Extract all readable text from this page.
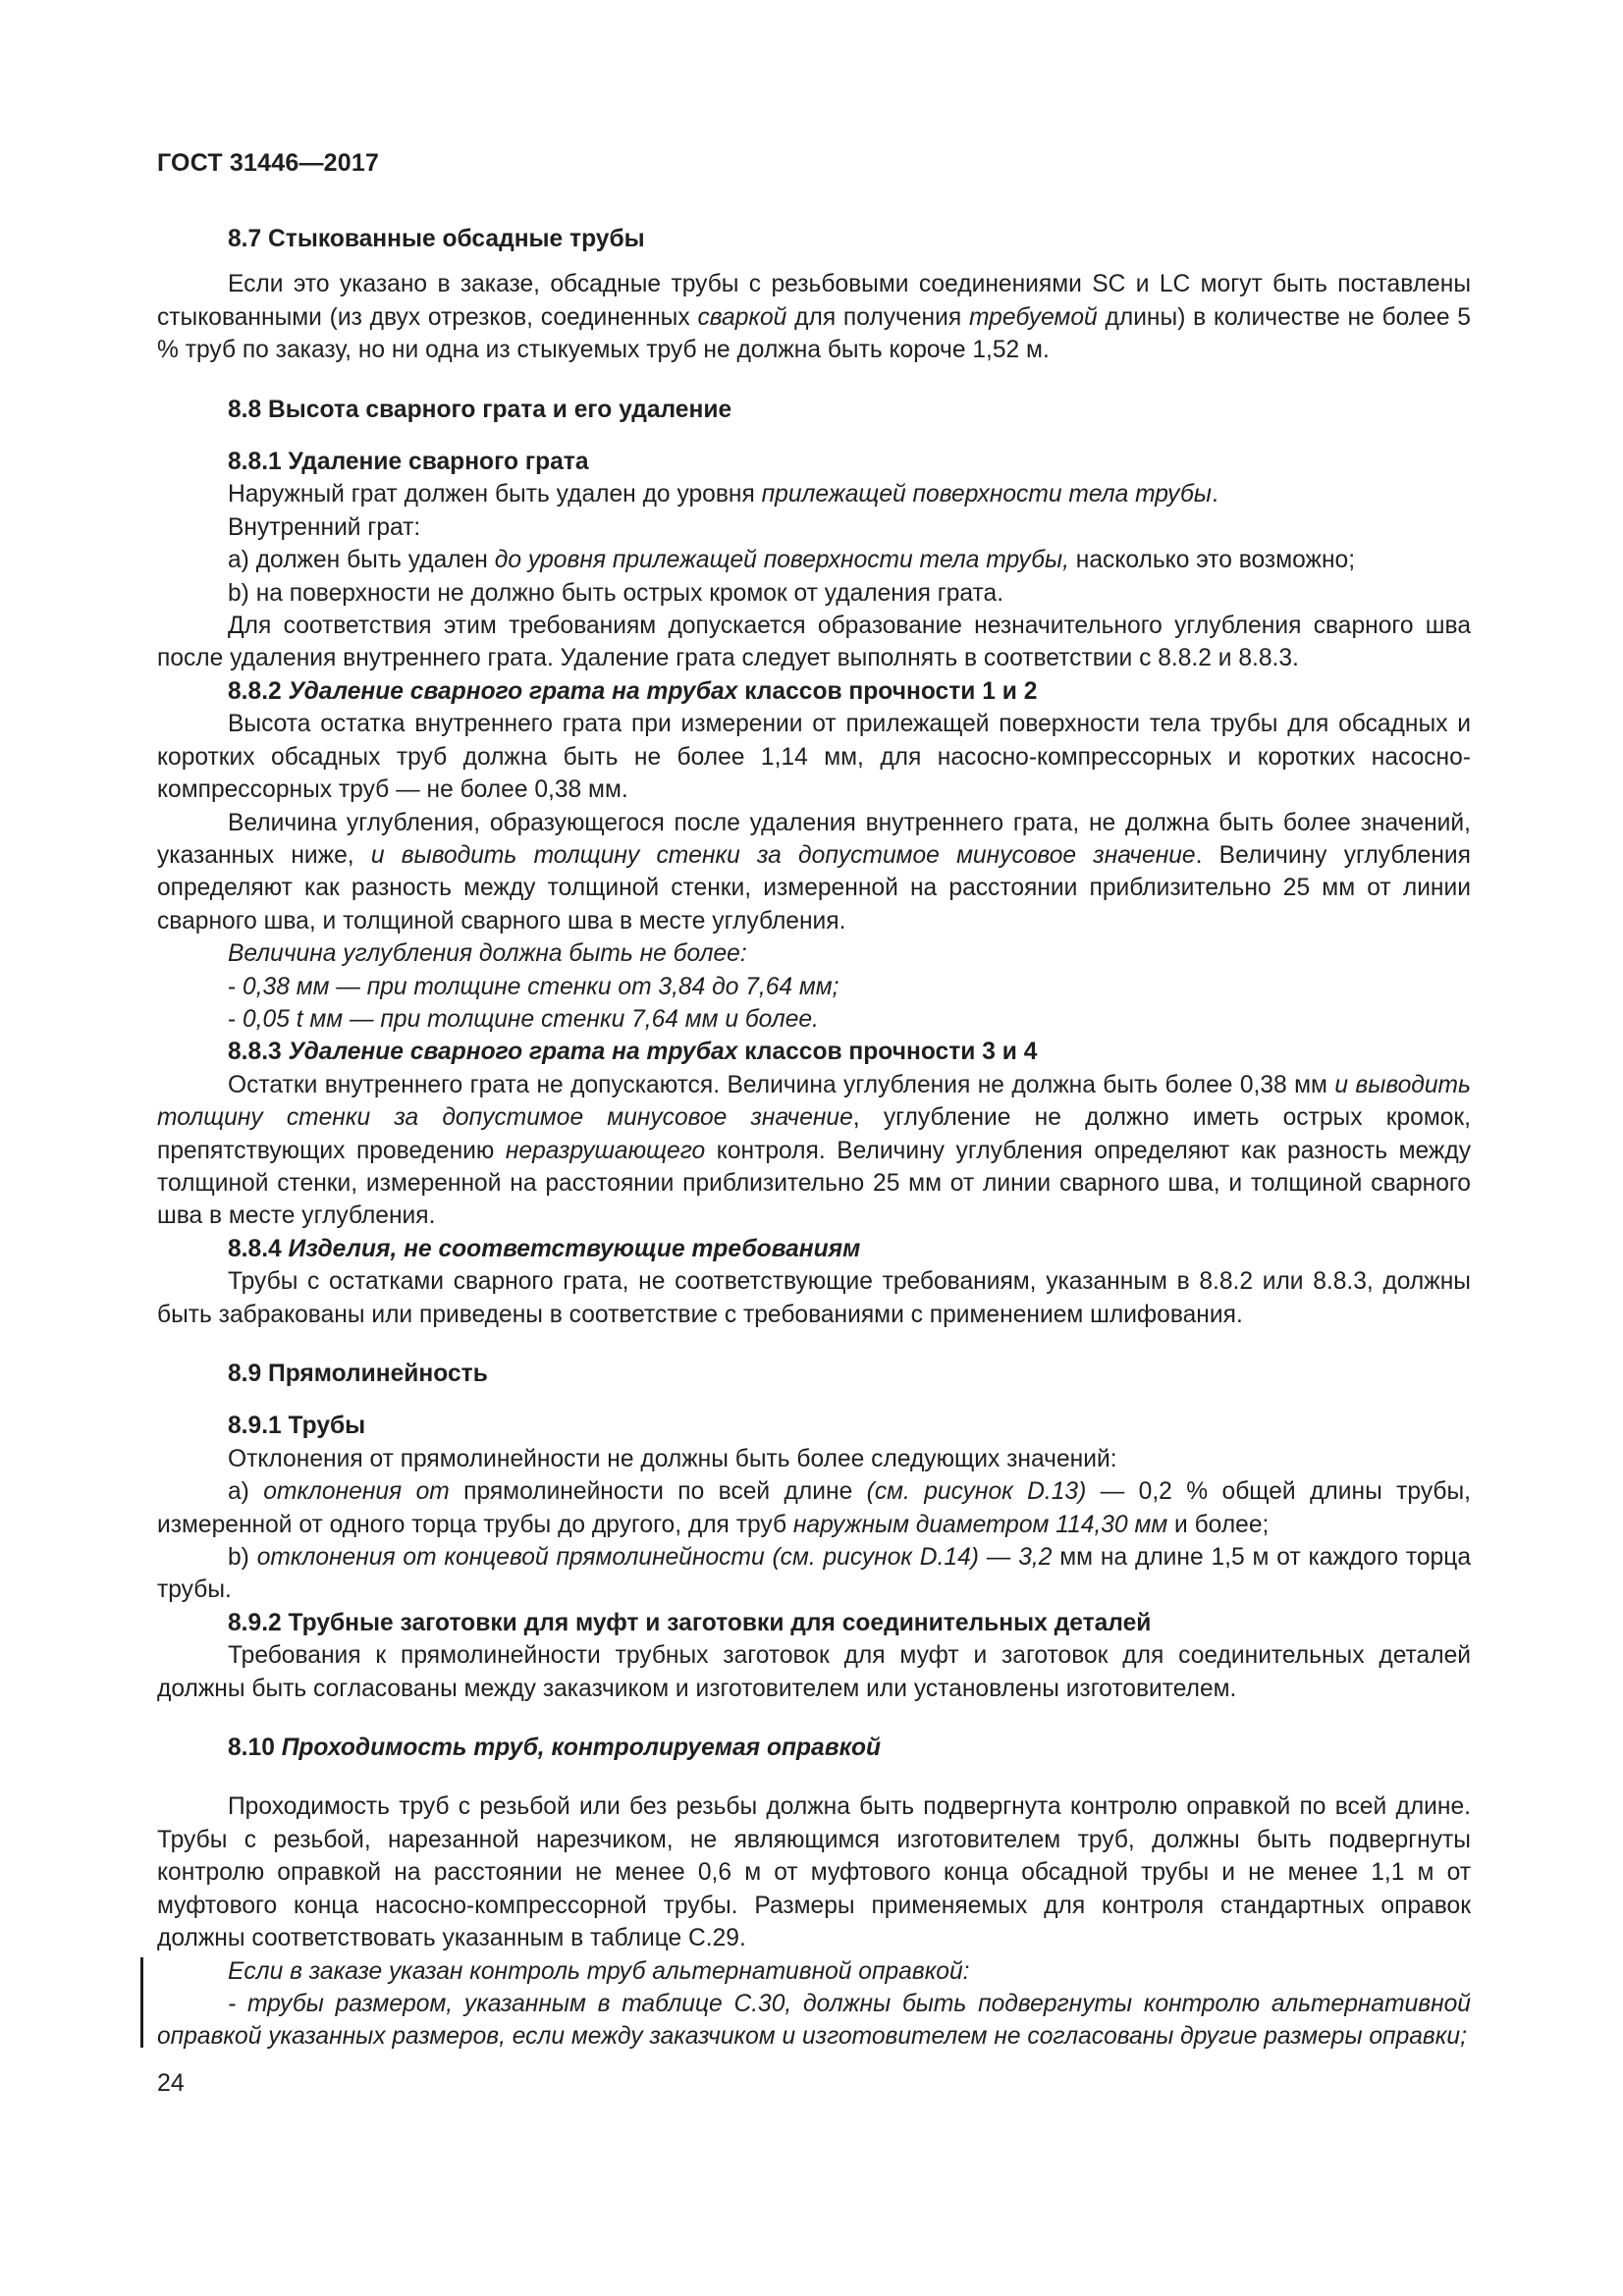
ГОСТ 31446—2017

8.7 Стыкованные обсадные трубы

Если это указано в заказе, обсадные трубы с резьбовыми соединениями SC и LC могут быть поставлены стыкованными (из двух отрезков, соединенных сваркой для получения требуемой длины) в количестве не более 5 % труб по заказу, но ни одна из стыкуемых труб не должна быть короче 1,52 м.

8.8 Высота сварного грата и его удаление

8.8.1 Удаление сварного грата

Наружный грат должен быть удален до уровня прилежащей поверхности тела трубы.

Внутренний грат:

а) должен быть удален до уровня прилежащей поверхности тела трубы, насколько это возможно;

b) на поверхности не должно быть острых кромок от удаления грата.

Для соответствия этим требованиям допускается образование незначительного углубления сварного шва после удаления внутреннего грата. Удаление грата следует выполнять в соответствии с 8.8.2 и 8.8.3.

8.8.2 Удаление сварного грата на трубах классов прочности 1 и 2

Высота остатка внутреннего грата при измерении от прилежащей поверхности тела трубы для обсадных и коротких обсадных труб должна быть не более 1,14 мм, для насосно-компрессорных и коротких насосно-компрессорных труб — не более 0,38 мм.

Величина углубления, образующегося после удаления внутреннего грата, не должна быть более значений, указанных ниже, и выводить толщину стенки за допустимое минусовое значение. Величину углубления определяют как разность между толщиной стенки, измеренной на расстоянии приблизительно 25 мм от линии сварного шва, и толщиной сварного шва в месте углубления.

Величина углубления должна быть не более:

- 0,38 мм — при толщине стенки от 3,84 до 7,64 мм;

- 0,05 t мм — при толщине стенки 7,64 мм и более.

8.8.3 Удаление сварного грата на трубах классов прочности 3 и 4

Остатки внутреннего грата не допускаются. Величина углубления не должна быть более 0,38 мм и выводить толщину стенки за допустимое минусовое значение, углубление не должно иметь острых кромок, препятствующих проведению неразрушающего контроля. Величину углубления определяют как разность между толщиной стенки, измеренной на расстоянии приблизительно 25 мм от линии сварного шва, и толщиной сварного шва в месте углубления.

8.8.4 Изделия, не соответствующие требованиям

Трубы с остатками сварного грата, не соответствующие требованиям, указанным в 8.8.2 или 8.8.3, должны быть забракованы или приведены в соответствие с требованиями с применением шлифования.

8.9 Прямолинейность

8.9.1 Трубы

Отклонения от прямолинейности не должны быть более следующих значений:

а) отклонения от прямолинейности по всей длине (см. рисунок D.13) — 0,2 % общей длины трубы, измеренной от одного торца трубы до другого, для труб наружным диаметром 114,30 мм и более;

b) отклонения от концевой прямолинейности (см. рисунок D.14) — 3,2 мм на длине 1,5 м от каждого торца трубы.

8.9.2 Трубные заготовки для муфт и заготовки для соединительных деталей

Требования к прямолинейности трубных заготовок для муфт и заготовок для соединительных деталей должны быть согласованы между заказчиком и изготовителем или установлены изготовителем.

8.10 Проходимость труб, контролируемая оправкой

Проходимость труб с резьбой или без резьбы должна быть подвергнута контролю оправкой по всей длине. Трубы с резьбой, нарезанной нарезчиком, не являющимся изготовителем труб, должны быть подвергнуты контролю оправкой на расстоянии не менее 0,6 м от муфтового конца обсадной трубы и не менее 1,1 м от муфтового конца насосно-компрессорной трубы. Размеры применяемых для контроля стандартных оправок должны соответствовать указанным в таблице С.29.

Если в заказе указан контроль труб альтернативной оправкой:

- трубы размером, указанным в таблице С.30, должны быть подвергнуты контролю альтернативной оправкой указанных размеров, если между заказчиком и изготовителем не согласованы другие размеры оправки;

24
